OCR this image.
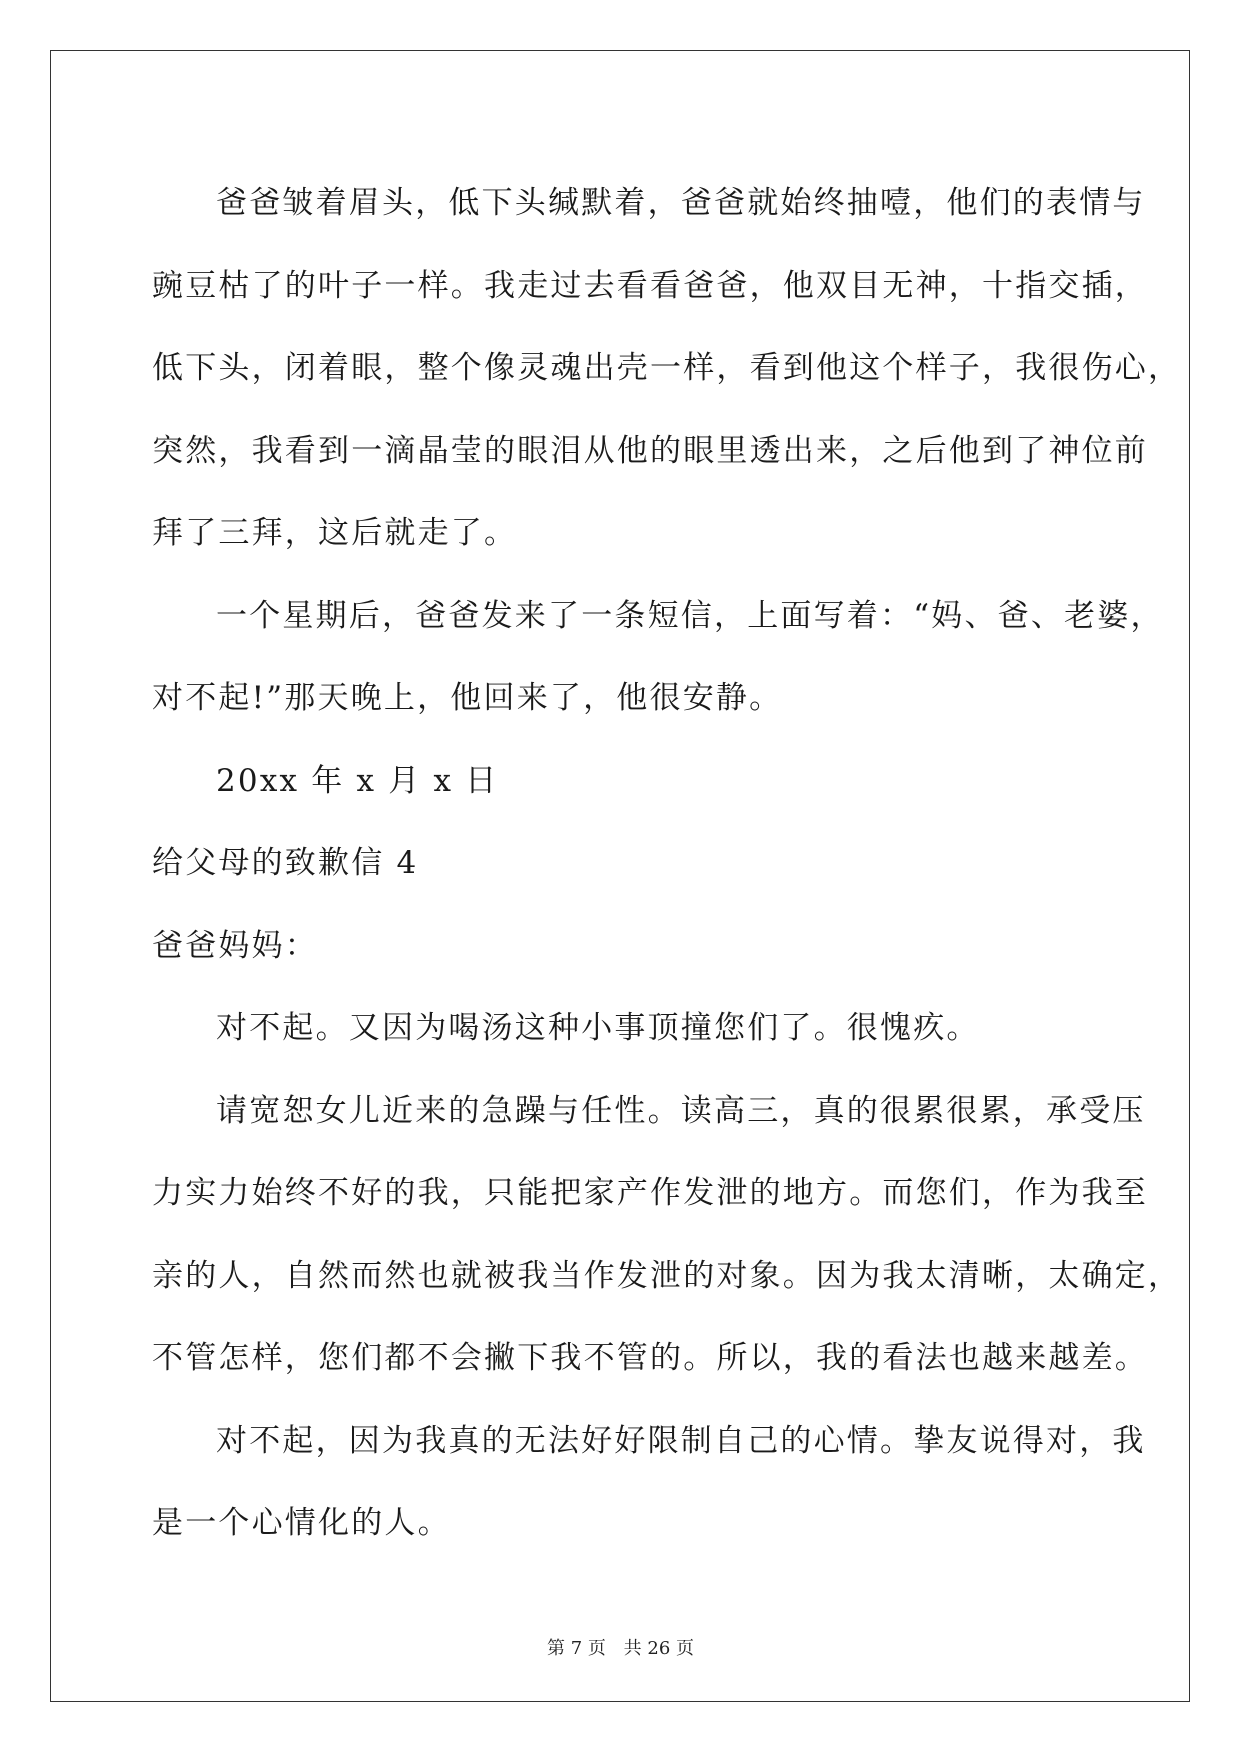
爸爸皱着眉头，低下头缄默着，爸爸就始终抽噎，他们的表情与
豌豆枯了的叶子一样。我走过去看看爸爸，他双目无神，十指交插，
低下头，闭着眼，整个像灵魂出壳一样，看到他这个样子，我很伤心，
突然，我看到一滴晶莹的眼泪从他的眼里透出来，之后他到了神位前
拜了三拜，这后就走了。
一个星期后，爸爸发来了一条短信，上面写着：“妈、爸、老婆，
对不起!”那天晚上，他回来了，他很安静。
20xx 年 x 月 x 日
给父母的致歉信 4
爸爸妈妈：
对不起。又因为喝汤这种小事顶撞您们了。很愧疚。
请宽恕女儿近来的急躁与任性。读高三，真的很累很累，承受压
力实力始终不好的我，只能把家产作发泄的地方。而您们，作为我至
亲的人，自然而然也就被我当作发泄的对象。因为我太清晰，太确定，
不管怎样，您们都不会撇下我不管的。所以，我的看法也越来越差。
对不起，因为我真的无法好好限制自己的心情。挚友说得对，我
是一个心情化的人。
第 7 页 共 26 页
